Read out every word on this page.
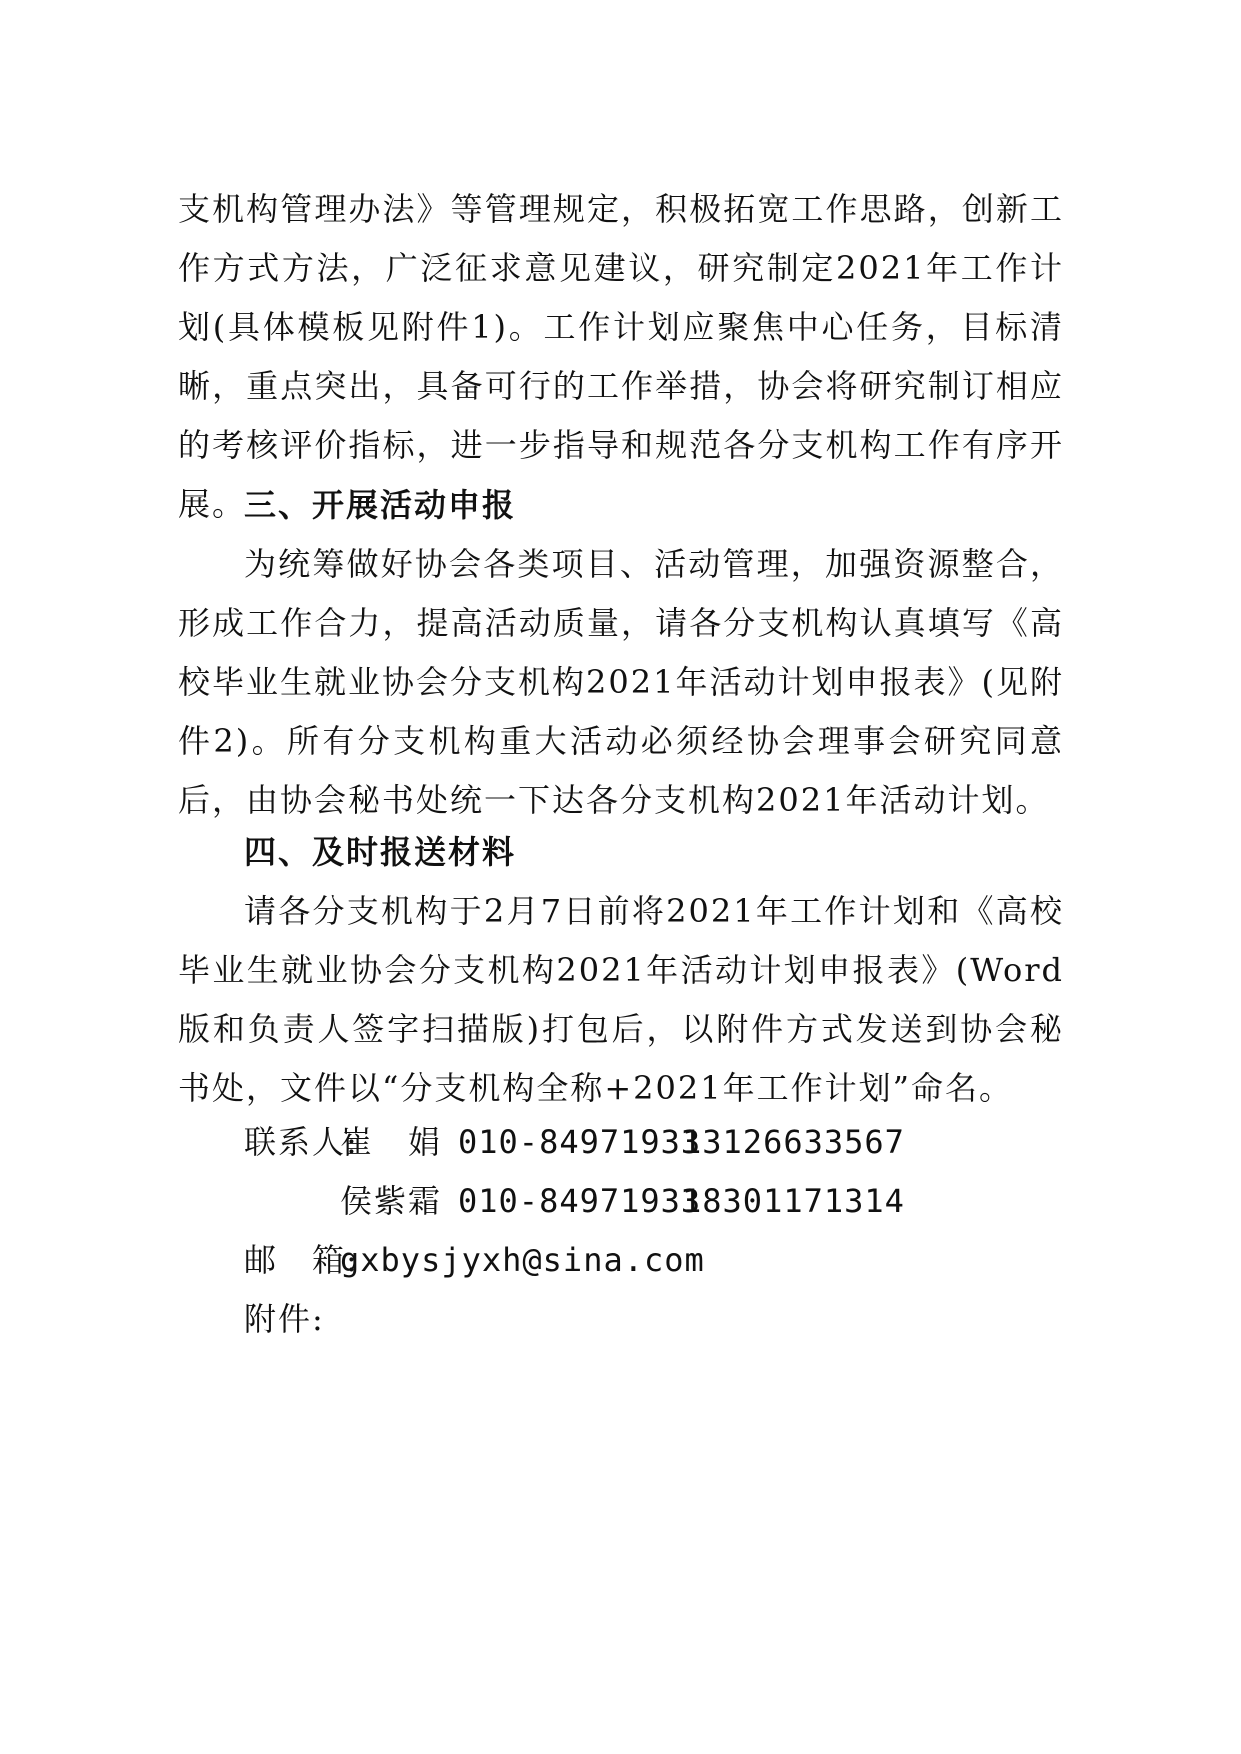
支机构管理办法》等管理规定，积极拓宽工作思路，创新工作方式方法，广泛征求意见建议，研究制定2021年工作计划(具体模板见附件1)。工作计划应聚焦中心任务，目标清晰，重点突出，具备可行的工作举措，协会将研究制订相应的考核评价指标，进一步指导和规范各分支机构工作有序开展。

三、开展活动申报

为统筹做好协会各类项目、活动管理，加强资源整合，形成工作合力，提高活动质量，请各分支机构认真填写《高校毕业生就业协会分支机构2021年活动计划申报表》(见附件2)。所有分支机构重大活动必须经协会理事会研究同意后，由协会秘书处统一下达各分支机构2021年活动计划。

四、及时报送材料

请各分支机构于2月7日前将2021年工作计划和《高校毕业生就业协会分支机构2021年活动计划申报表》(Word版和负责人签字扫描版)打包后，以附件方式发送到协会秘书处，文件以“分支机构全称+2021年工作计划”命名。

联系人:
崔　娟 010-84971933
13126633567
侯紫霜 010-84971933
18301171314
邮　箱:
gxbysjyxh@sina.com
附件:
